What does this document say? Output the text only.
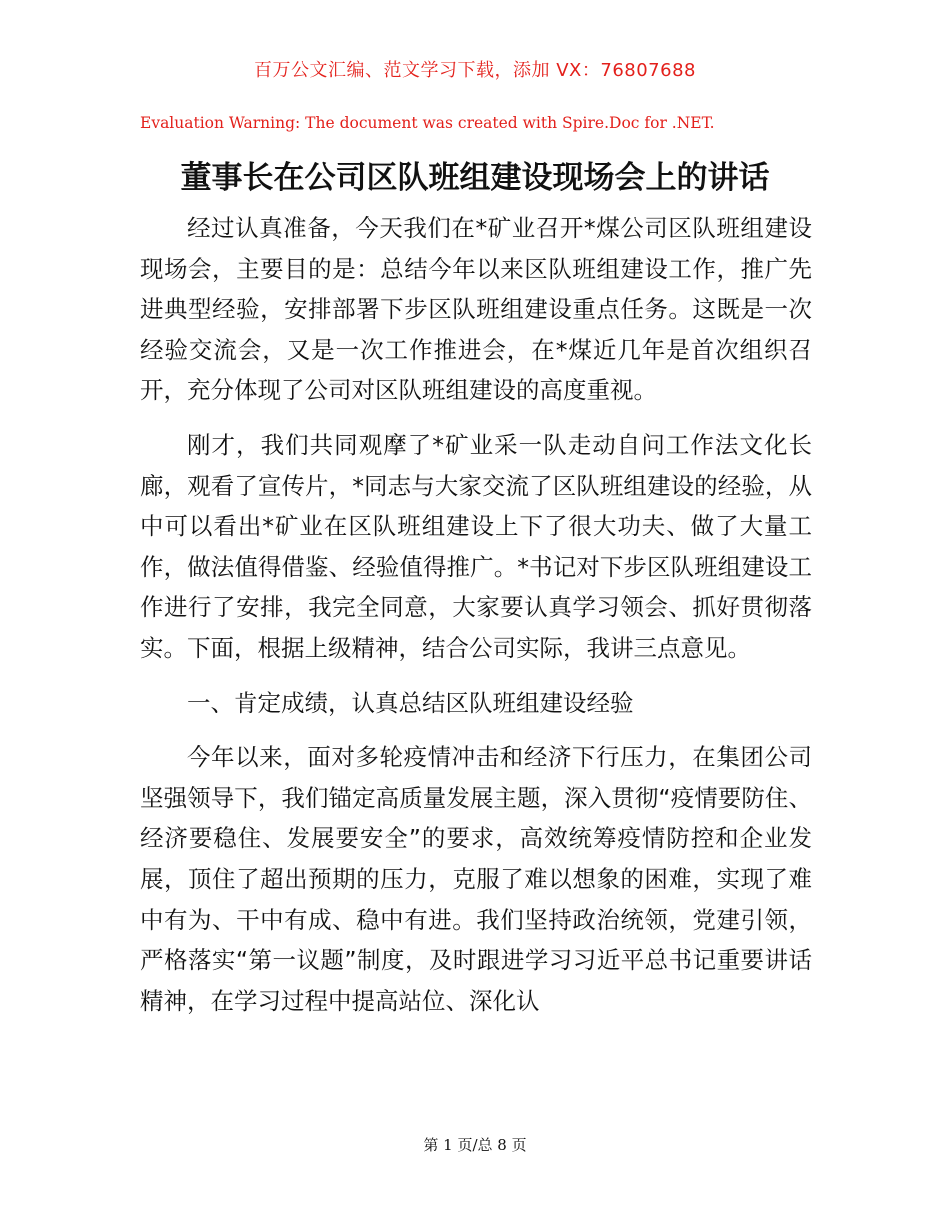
百万公文汇编、范文学习下载，添加 VX：76807688
Evaluation Warning: The document was created with Spire.Doc for .NET.
董事长在公司区队班组建设现场会上的讲话

经过认真准备，今天我们在*矿业召开*煤公司区队班组建设现场会，主要目的是：总结今年以来区队班组建设工作，推广先进典型经验，安排部署下步区队班组建设重点任务。这既是一次经验交流会，又是一次工作推进会，在*煤近几年是首次组织召开，充分体现了公司对区队班组建设的高度重视。

刚才，我们共同观摩了*矿业采一队走动自问工作法文化长廊，观看了宣传片，*同志与大家交流了区队班组建设的经验，从中可以看出*矿业在区队班组建设上下了很大功夫、做了大量工作，做法值得借鉴、经验值得推广。*书记对下步区队班组建设工作进行了安排，我完全同意，大家要认真学习领会、抓好贯彻落实。下面，根据上级精神，结合公司实际，我讲三点意见。

一、肯定成绩，认真总结区队班组建设经验

今年以来，面对多轮疫情冲击和经济下行压力，在集团公司坚强领导下，我们锚定高质量发展主题，深入贯彻“疫情要防住、经济要稳住、发展要安全”的要求，高效统筹疫情防控和企业发展，顶住了超出预期的压力，克服了难以想象的困难，实现了难中有为、干中有成、稳中有进。我们坚持政治统领，党建引领，严格落实“第一议题”制度，及时跟进学习习近平总书记重要讲话精神，在学习过程中提高站位、深化认

第 1 页/总 8 页
